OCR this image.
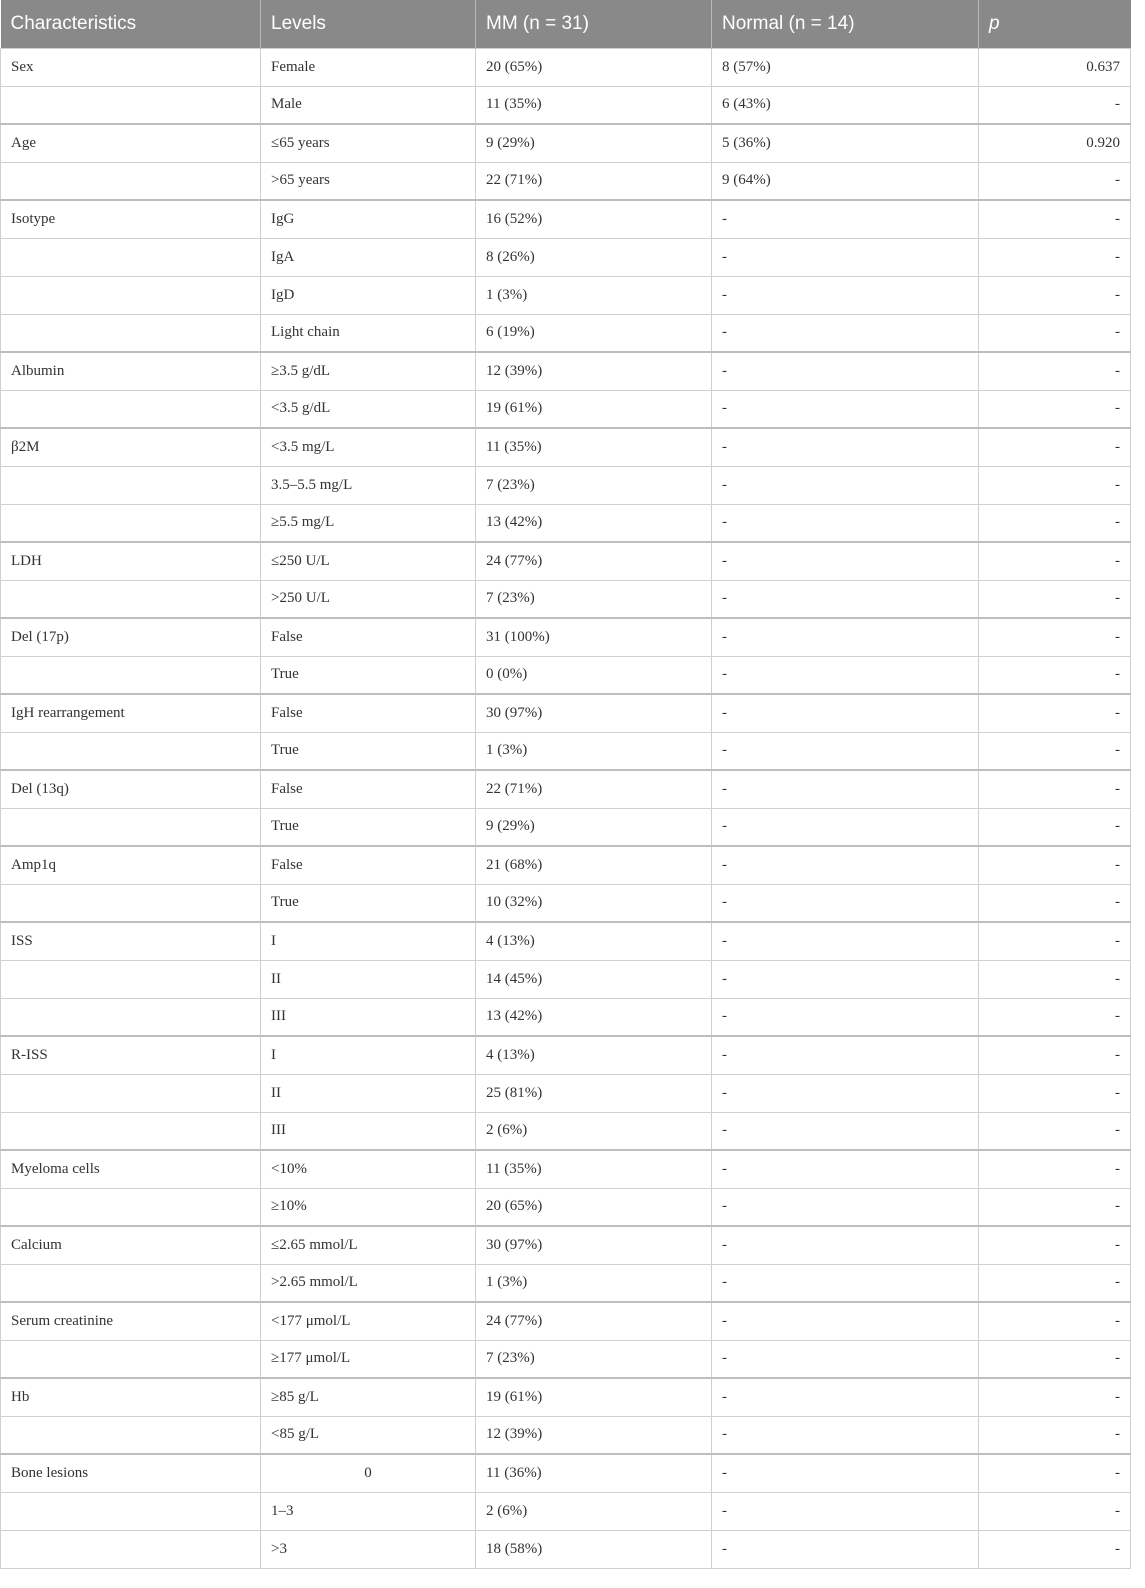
Characteristics	Levels	MM (n = 31)	Normal (n = 14)	p
Sex	Female	20 (65%)	8 (57%)	0.637
	Male	11 (35%)	6 (43%)	-
Age	≤65 years	9 (29%)	5 (36%)	0.920
	>65 years	22 (71%)	9 (64%)	-
Isotype	IgG	16 (52%)	-	-
	IgA	8 (26%)	-	-
	IgD	1 (3%)	-	-
	Light chain	6 (19%)	-	-
Albumin	≥3.5 g/dL	12 (39%)	-	-
	<3.5 g/dL	19 (61%)	-	-
β2M	<3.5 mg/L	11 (35%)	-	-
	3.5–5.5 mg/L	7 (23%)	-	-
	≥5.5 mg/L	13 (42%)	-	-
LDH	≤250 U/L	24 (77%)	-	-
	>250 U/L	7 (23%)	-	-
Del (17p)	False	31 (100%)	-	-
	True	0 (0%)	-	-
IgH rearrangement	False	30 (97%)	-	-
	True	1 (3%)	-	-
Del (13q)	False	22 (71%)	-	-
	True	9 (29%)	-	-
Amp1q	False	21 (68%)	-	-
	True	10 (32%)	-	-
ISS	I	4 (13%)	-	-
	II	14 (45%)	-	-
	III	13 (42%)	-	-
R-ISS	I	4 (13%)	-	-
	II	25 (81%)	-	-
	III	2 (6%)	-	-
Myeloma cells	<10%	11 (35%)	-	-
	≥10%	20 (65%)	-	-
Calcium	≤2.65 mmol/L	30 (97%)	-	-
	>2.65 mmol/L	1 (3%)	-	-
Serum creatinine	<177 μmol/L	24 (77%)	-	-
	≥177 μmol/L	7 (23%)	-	-
Hb	≥85 g/L	19 (61%)	-	-
	<85 g/L	12 (39%)	-	-
Bone lesions	0	11 (36%)	-	-
	1–3	2 (6%)	-	-
	>3	18 (58%)	-	-
